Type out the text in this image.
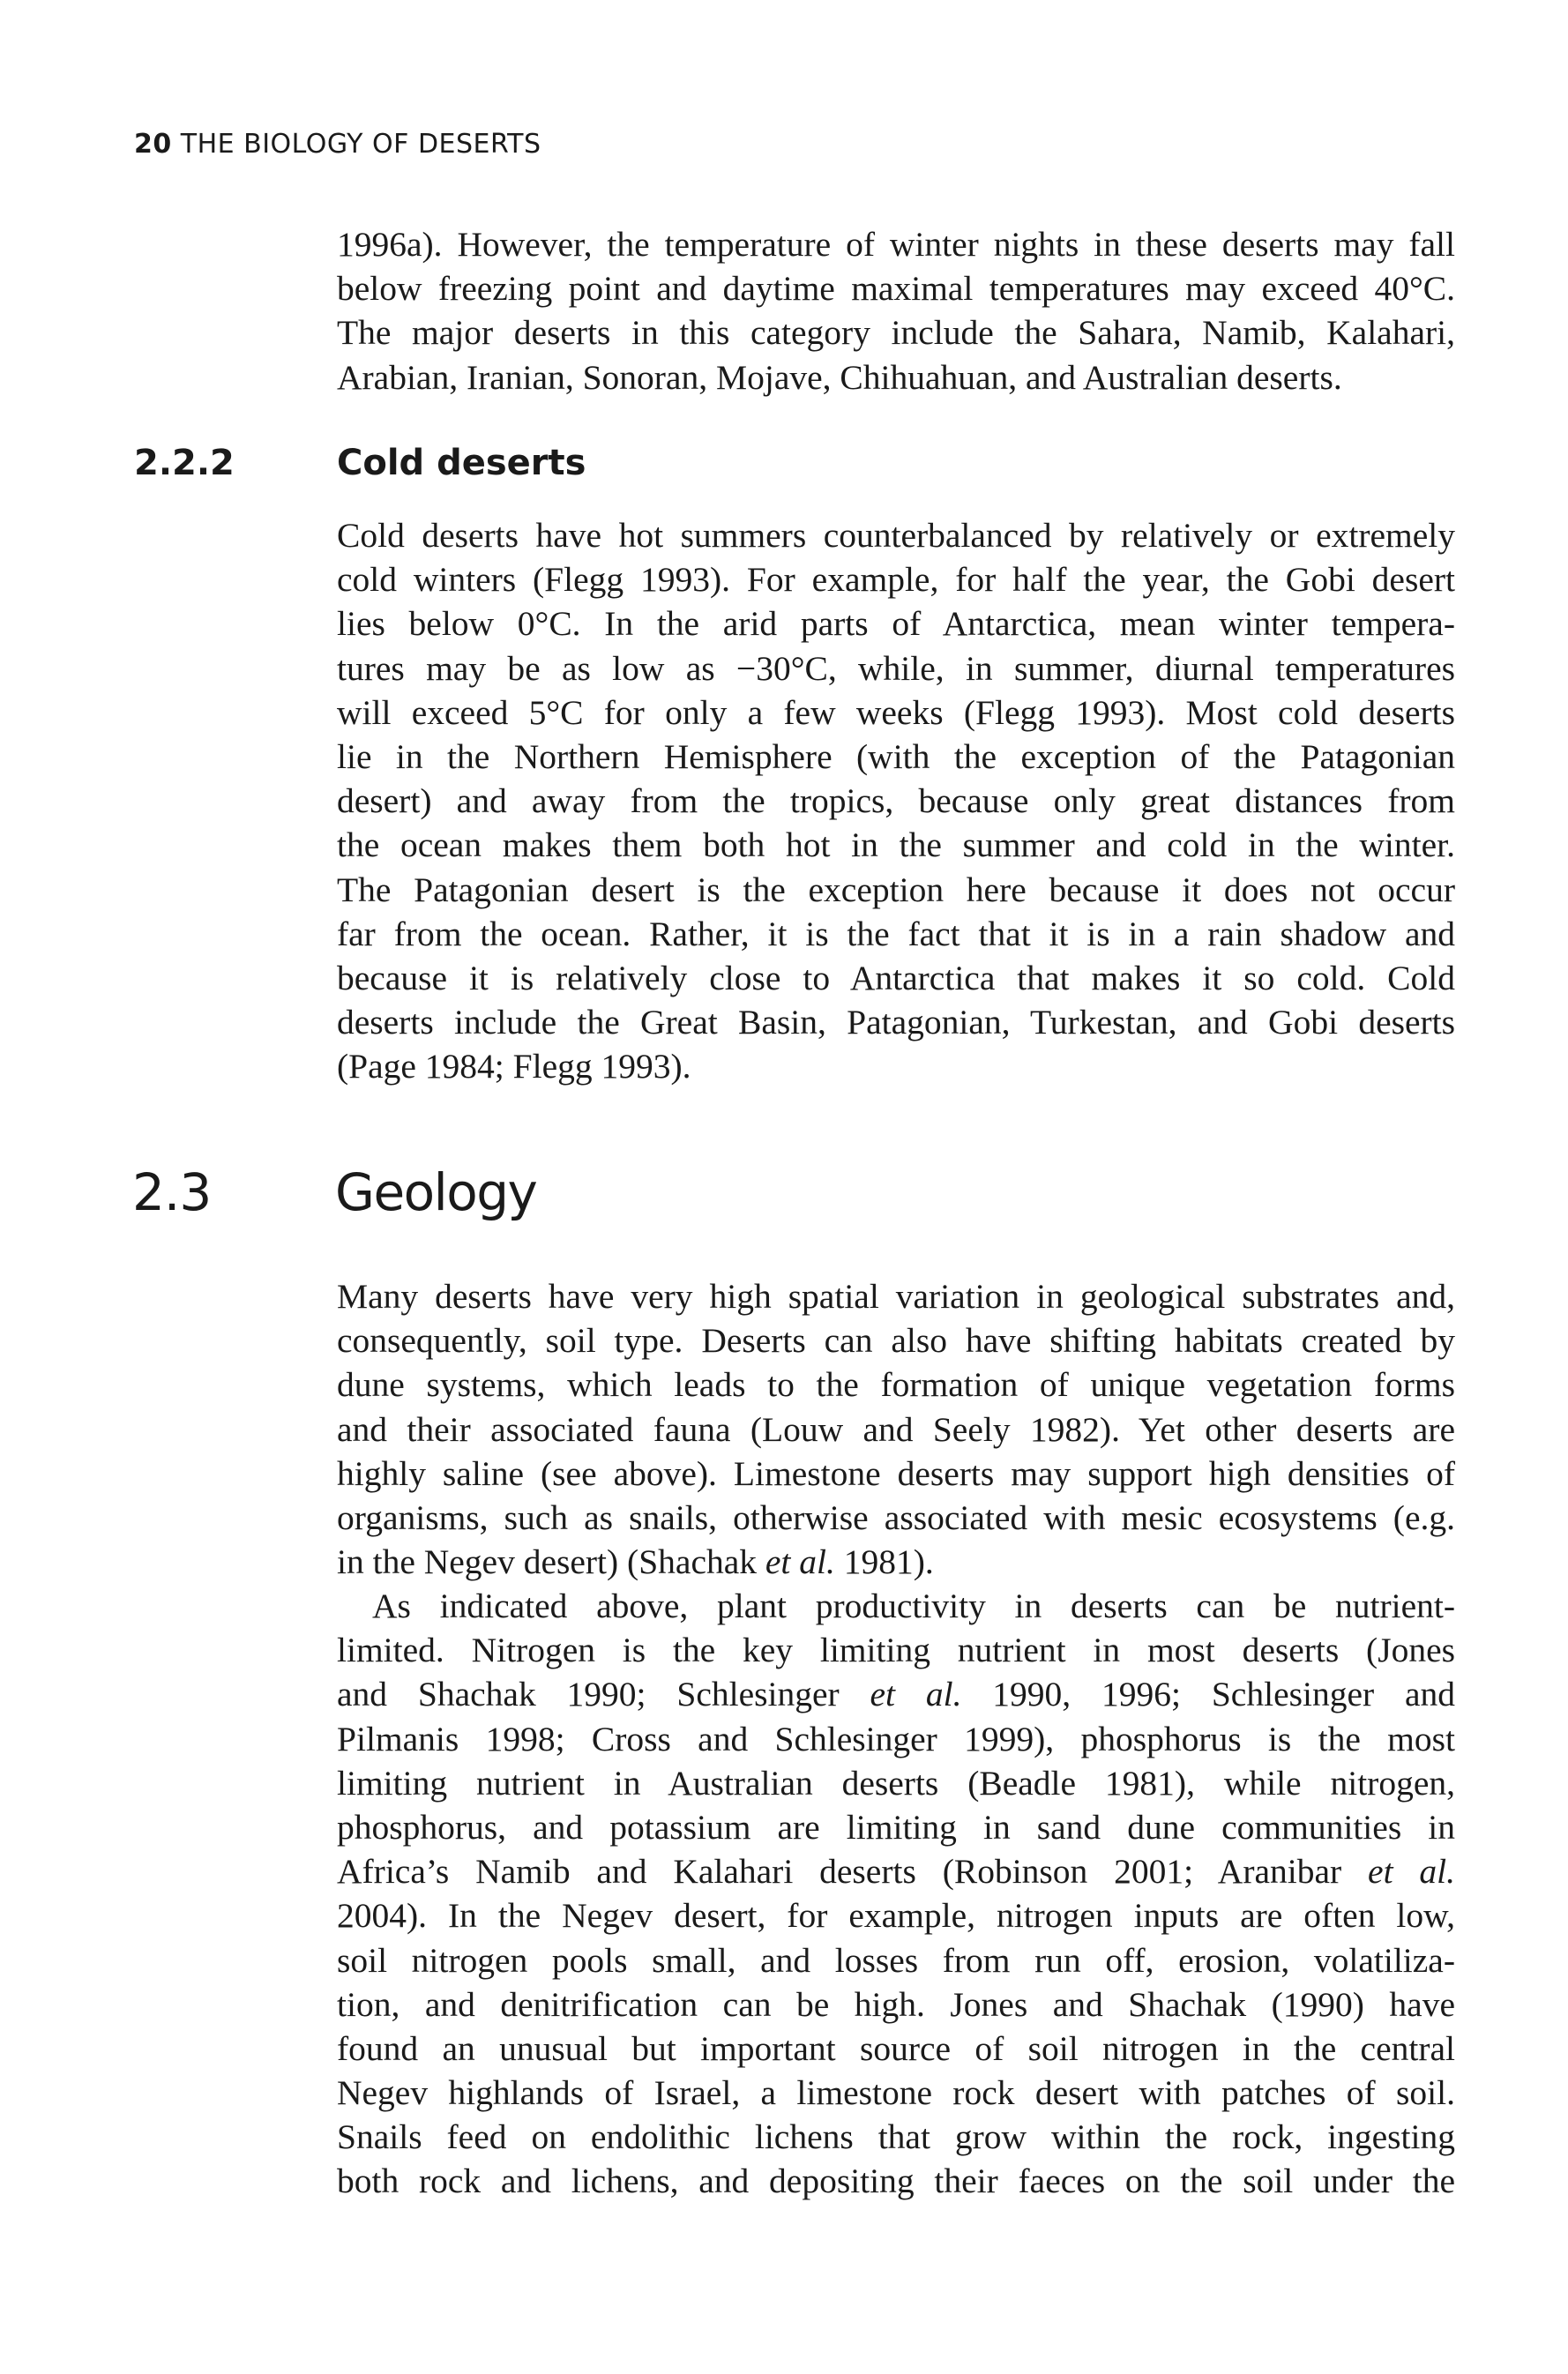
20 THE BIOLOGY OF DESERTS
1996a). However, the temperature of winter nights in these deserts may fall
below freezing point and daytime maximal temperatures may exceed 40°C.
The major deserts in this category include the Sahara, Namib, Kalahari,
Arabian, Iranian, Sonoran, Mojave, Chihuahuan, and Australian deserts.
2.2.2	Cold deserts
Cold deserts have hot summers counterbalanced by relatively or extremely
cold winters (Flegg 1993). For example, for half the year, the Gobi desert
lies below 0°C. In the arid parts of Antarctica, mean winter tempera-
tures may be as low as −30°C, while, in summer, diurnal temperatures
will exceed 5°C for only a few weeks (Flegg 1993). Most cold deserts
lie in the Northern Hemisphere (with the exception of the Patagonian
desert) and away from the tropics, because only great distances from
the ocean makes them both hot in the summer and cold in the winter.
The Patagonian desert is the exception here because it does not occur
far from the ocean. Rather, it is the fact that it is in a rain shadow and
because it is relatively close to Antarctica that makes it so cold. Cold
deserts include the Great Basin, Patagonian, Turkestan, and Gobi deserts
(Page 1984; Flegg 1993).
2.3 Geology
Many deserts have very high spatial variation in geological substrates and,
consequently, soil type. Deserts can also have shifting habitats created by
dune systems, which leads to the formation of unique vegetation forms
and their associated fauna (Louw and Seely 1982). Yet other deserts are
highly saline (see above). Limestone deserts may support high densities of
organisms, such as snails, otherwise associated with mesic ecosystems (e.g.
in the Negev desert) (Shachak et al. 1981).
As indicated above, plant productivity in deserts can be nutrient-
limited. Nitrogen is the key limiting nutrient in most deserts (Jones
and Shachak 1990; Schlesinger et al. 1990, 1996; Schlesinger and
Pilmanis 1998; Cross and Schlesinger 1999), phosphorus is the most
limiting nutrient in Australian deserts (Beadle 1981), while nitrogen,
phosphorus, and potassium are limiting in sand dune communities in
Africa’s Namib and Kalahari deserts (Robinson 2001; Aranibar et al.
2004). In the Negev desert, for example, nitrogen inputs are often low,
soil nitrogen pools small, and losses from run off, erosion, volatiliza-
tion, and denitrification can be high. Jones and Shachak (1990) have
found an unusual but important source of soil nitrogen in the central
Negev highlands of Israel, a limestone rock desert with patches of soil.
Snails feed on endolithic lichens that grow within the rock, ingesting
both rock and lichens, and depositing their faeces on the soil under the
